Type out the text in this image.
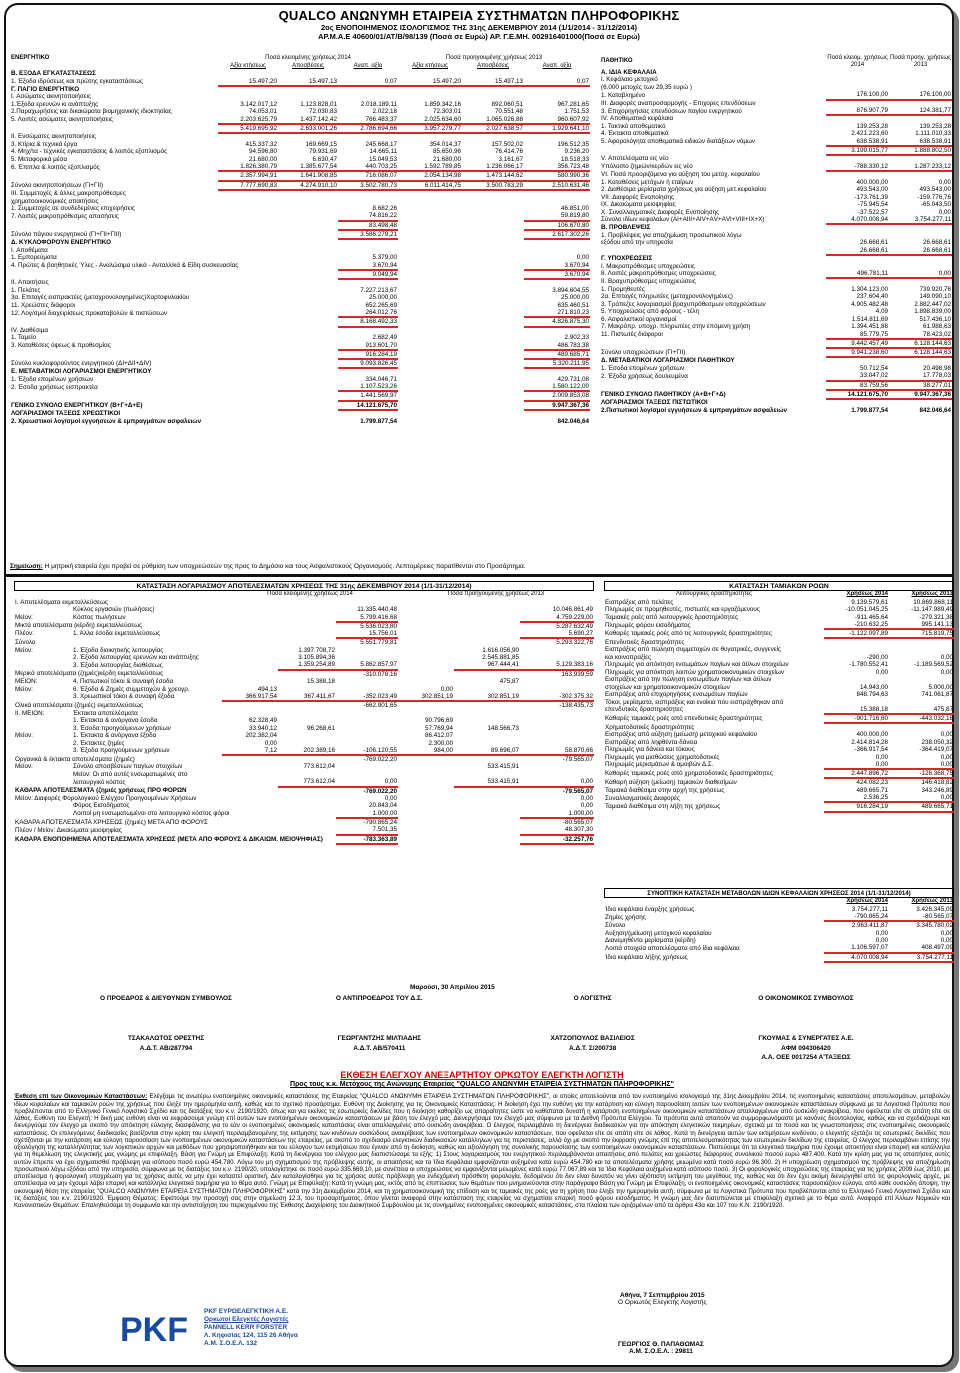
QUALCO ΑΝΩΝΥΜΗ ΕΤΑΙΡΕΙΑ ΣΥΣΤΗΜΑΤΩΝ ΠΛΗΡΟΦΟΡΙΚΗΣ
2ος ΕΝΟΠΟΙΗΜΕΝΟΣ ΙΣΟΛΟΓΙΣΜΟΣ ΤΗΣ 31ης ΔΕΚΕΜΒΡΙΟΥ 2014 (1/1/2014 - 31/12/2014)
ΑΡ.Μ.Α.Ε 40600/01/ΑΤ/Β/98/139 (Ποσά σε Ευρώ) ΑΡ. Γ.Ε.ΜΗ. 002916401000(Ποσά σε Ευρώ)
ΕΝΕΡΓΗΤΙΚΟ	Ποσά κλειομένης χρήσεως 2014			Ποσά προηγουμένης χρήσεως 2013		
	Αξία κτήσεως	Αποσβέσεις	Αναπ. αξία	Αξία κτήσεως	Αποσβέσεις	Αναπ. αξία
Β. ΕΞΟΔΑ ΕΓΚΑΤΑΣΤΑΣΕΩΣ						
1. Έξοδα ιδρύσεως και πρώτης εγκαταστάσεως	15.497,20	15.497,13	0,07	15.497,20	15.497,13	0,07
Γ. ΠΑΓΙΟ ΕΝΕΡΓΗΤΙΚΟ						
I. Ασώματες ακινητοποιήσεις						
1.Έξοδα ερευνών κι ανάπτυξης	3.142.017,12	1.123.828,01	2.018.189,11	1.859.342,16	892.060,51	967.281,65
2.Παραχωρήσεις και δικαιώματα βιομηχανικής ιδιοκτησίας	74.053,01	72.030,83	2.022,18	72.303,01	70.551,48	1.751,53
5. Λοιπές ασώματες ακινητοποιήσεις	2.203.625,79	1.437.142,42	766.483,37	2.025.634,60	1.065.026,88	960.607,92
	5.419.695,92	2.633.001,26	2.786.694,66	3.957.279,77	2.027.638,57	1.929.641,10
II. Ενσώματες ακινητοποιήσεις						
3. Κτίρια & τεχνικά έργα	415.337,32	169.669,15	245.668,17	354.014,37	157.502,02	196.512,35
4. Μηχ/τα - τεχνικές εγκαταστάσεις & λοιπός εξοπλισμός	94.596,80	79.931,69	14.665,11	85.650,96	76.414,76	9.236,20
5. Μεταφορικά μέσα	21.680,00	6.630,47	15.049,53	21.680,00	3.161,67	18.518,33
6. Έπιπλα & λοιπός εξοπλισμός	1.826.380,79	1.385.677,54	440.703,25	1.592.789,85	1.236.066,17	356.723,48
	2.357.994,91	1.641.908,85	716.086,07	2.054.134,98	1.473.144,62	580.990,36
Σύνολο ακινητοποιήσεων (ΓΙ+ΓΙΙ)	7.777.690,83	4.274.910,10	3.502.780,73	6.011.414,75	3.500.783,29	2.510.631,46
III. Συμμετοχές & άλλες μακροπρόθεσμες						
χρηματοοικονομικές απαιτήσεις						
1. Συμμετοχές σε συνδεδεμένες επιχειρήσεις			8.682,26			46.851,00
7. Λοιπές μακροπρόθεσμες απαιτήσεις			74.816,22			59.819,80
			83.498,48			106.670,80
Σύνολο πάγιου ενεργητικού (ΓΙ+ΓΙΙ+ΓΙΙΙ)			3.586.279,21			2.617.302,26
Δ. ΚΥΚΛΟΦΟΡΟΥΝ ΕΝΕΡΓΗΤΙΚΟ						
I. Αποθέματα						
1. Εμπορεύματα			5.379,00			0,00
4. Πρώτες & βοηθητικές Ύλες - Αναλώσιμα υλικά - Ανταλλ/κά & Είδη συσκευασίας			3.670,94			3.670,94
			9.049,94			3.670,94
II. Απαιτήσεις						
1. Πελάτες			7.227.213,67			3.894.604,55
3α. Επιταγές εισπρακτέες (μεταχρονολογημένες)Χαρτοφυλακίου			25.000,00			25.000,00
11. Χρεώστες διάφοροι			652.265,69			635.460,51
12. Λογ/σμοί διαχειρίσεως προκαταβολών & πιστώσεων			264.012,76			271.810,23
			8.168.492,33			4.826.875,30
IV. Διαθέσιμα						
1. Ταμείο			2.682,49			2.902,33
3. Καταθέσεις όψεως & προθεσμίας			913.601,70			486.783,38
			916.284,19			489.685,71
Σύνολο κυκλοφορούντος ενεργητικού (ΔΙ+ΔΙΙ+ΔΙV)			9.093.826,45			5.320.211,95
Ε. ΜΕΤΑΒΑΤΙΚΟΙ ΛΟΓΑΡΙΑΣΜΟΙ ΕΝΕΡΓΗΤΙΚΟΥ						
1. Έξοδα επομένων χρήσεων			334.046,71			429.731,08
2. Έσοδα χρήσεως εισπρακτέα			1.107.523,26			1.580.122,00
			1.441.569,97			2.009.853,08
ΓΕΝΙΚΟ ΣΥΝΟΛΟ ΕΝΕΡΓΗΤΙΚΟΥ (Β+Γ+Δ+Ε)			14.121.675,70			9.947.367,36
ΛΟΓΑΡΙΑΣΜΟΙ ΤΑΞΕΩΣ ΧΡΕΩΣΤΙΚΟΙ						
2. Χρεωστικοί λογ/σμοί εγγυήσεων & εμπραγμάτων ασφαλειών			1.799.877,54			842.046,64
ΠΑΘΗΤΙΚΟ	Ποσά κλειομ. χρήσεως 2014	Ποσά προηγ. χρήσεως 2013
Α. ΙΔΙΑ ΚΕΦΑΛΑΙΑ		
I. Κεφάλαιο μετοχικό		
(6.000 μετοχές των 29,35 ευρώ )		
1. Καταβλημένο	176.100,00	176.100,00
III. Διαφορές αναπροσαρμογής - Επιχορες επενδύσεων		
3. Επιχορηγήσεις επενδύσεων παγίου ενεργητικού	876.907,79	124.381,77
IV. Αποθεματικά κεφάλαια		
1. Τακτικό αποθεματικό	139.253,28	139.253,28
4. Έκτακτα αποθεματικά	2.421.223,60	1.111.010,33
5. Αφορολόγητα αποθεματικά ειδικών διατάξεων νόμων	638.538,91	638.538,91
	3.199.015,77	1.888.802,50
V. Αποτελέσματα εις νέο		
Υπόλοιπο ζημιών/κερδών εις νέο	-788.330,12	1.287.233,12
VI. Ποσά προοριζόμενα για αύξηση του μετοχ. κεφαλαίου		
1. Καταθέσεις μετόχων ή εταίρων	400.000,00	0,00
2. Διαθέσιμα μερίσματα χρήσεως για αύξηση μετ.κεφαλαίου	493.543,00	493.543,00
VII. Διαφορές Ενοποίησης	-173.761,39	-159.776,76
IX. Δικαιώματα μειοψηφίας	-75.945,54	-65.043,50
Χ. Συναλλαγματικές Διαφορές Ενοποίησης	-37.522,57	0,00
Σύνολο ιδίων κεφαλαίων (ΑΙ+ΑΙΙΙ+ΑΙV+ΑV+ΑVΙ+VΙΙΙ+ΙΧ+Χ)	4.070.008,94	3.754.277,11
Β. ΠΡΟΒΛΕΨΕΙΣ		
1. Προβλέψεις για αποζημίωση προσωπικού λόγω		
εξόδου από την υπηρεσία	26.668,61	26.668,61
	26.668,61	26.668,61
Γ. ΥΠΟΧΡΕΩΣΕΙΣ		
I. Μακροπρόθεσμες υποχρεώσεις		
8. Λοιπές μακροπρόθεσμες υποχρεώσεις	496.781,11	0,00
II. Βραχυπρόθεσμες υποχρεώσεις		
1. Προμηθευτές	1.304.123,00	739.920,76
2α. Επιταγές πληρωτέες (μεταχρονολογημένες)	237.604,40	149.090,10
3. Τράπεζες λογαριασμοί βραχυπρόθεσμων υποχρεώσεων	4.905.482,48	2.882.447,02
5. Υποχρεώσεις από φόρους - τέλη	4,09	1.898.839,00
6. Ασφαλιστικοί οργανισμοί	1.514.811,69	517.436,10
7. Μακρόπρ. υποχρ. πληρωτέες στην επόμενη χρήση	1.394.451,88	61.988,63
11. Πιστωτές διάφοροι	85.779,75	78.423,02
	9.442.457,49	6.128.144,63
Σύνολο υποχρεώσεων (ΓΙ+ΓΙΙ)	9.941.238,60	6.128.144,63
Δ. ΜΕΤΑΒΑΤΙΚΟΙ ΛΟΓΑΡΙΑΣΜΟΙ ΠΑΘΗΤΙΚΟΥ		
1. Έσοδα επομένων χρήσεων	50.712,54	20.498,98
2. Έξοδα χρήσεως δουλευμένα	33.047,02	17.778,03
	83.759,56	38.277,01
ΓΕΝΙΚΟ ΣΥΝΟΛΟ ΠΑΘΗΤΙΚΟΥ (Α+Β+Γ+Δ)	14.121.675,70	9.947.367,36
ΛΟΓΑΡΙΑΣΜΟΙ ΤΑΞΕΩΣ ΠΙΣΤΩΤΙΚΟΙ		
2.Πιστωτικοί λογ/σμοί εγγυήσεων & εμπραγμάτων ασφαλειών	1.799.877,54	842.046,64
Σημείωση: Η μητρική εταιρεία έχει προβεί σε ρύθμιση των υποχρεώσεών της προς το Δημόσιο και τους Ασφαλιστικούς Οργανισμούς. Λεπτομέρειες παρατίθενται στο Προσάρτημα.
ΚΑΤΑΣΤΑΣΗ ΛΟΓΑΡΙΑΣΜΟΥ ΑΠΟΤΕΛΕΣΜΑΤΩΝ ΧΡΗΣΕΩΣ ΤΗΣ 31ης ΔΕΚΕΜΒΡΙΟΥ 2014 (1/1-31/12/2014)
		Ποσά κλειομένης χρήσεως 2014			Ποσά προηγουμένης χρήσεως 2013		
I. Αποτελέσματα εκμεταλλεύσεως							
	Κύκλος εργασιών (πωλήσεις)			11.335.440,48			10.046.861,49
Μείον:	Κόστος πωλήσεων			5.799.416,68			4.759.229,00
Μικτά αποτελέσματα (κέρδη) εκμεταλλεύσεως				5.536.023,80			5.287.632,49
Πλέον:	1. Άλλα έσοδα εκμεταλλεύσεως			15.756,01			5.690,27
Σύνολο				5.551.779,81			5.293.322,76
Μείον:	1. Έξοδα διοικητικής λειτουργίας		1.397.708,72			1.616.056,90	
	2. Έξοδα λειτουργίας ερευνών και ανάπτυξης		3.105.894,36			2.545.881,85	
	3. Έξοδα λειτουργίας διαθέσεως		1.359.254,89	5.862.857,97		967.444,41	5.129.383,16
Μερικά αποτελέσματα (ζημιές)κέρδη εκμεταλλεύσεως				-310.078,16			163.939,59
ΜΕΙΟΝ:	4. Πιστωτικοί τόκοι & συναφή έσοδα		15.388,18			475,87	
Μείον:	6. Έξοδα & Ζημιές συμμετοχών & χρεογρ.	494,13			0,00		
	3. Χρεωστικοί τόκοι & συναφή έξοδα	366.917,54	367.411,67	-352.023,49	302.851,19	302.851,19	-302.375,32
Ολικά αποτελέσματα (ζημιές) εκμεταλλεύσεως				-662.901,65			-138.435,73
II. ΜΕΙΟΝ:	Έκτακτα αποτελέσματα						
	1. Έκτακτα & ανόργανα έσοδα	62.328,49			90.796,69		
	3. Έσοδα προηγούμενων χρήσεων	33.940,12	96.268,61		57.769,94	148.566,73	
Μείον:	1. Έκτακτα & ανόργανα έξοδα	202.382,04			86.412,07		
	2. Έκτακτες ζημίες	0,00			2.300,00		
	3. Έξοδα προηγούμενων χρήσεων	7,12	202.389,16	-106.120,55	984,00	89.696,07	58.870,66
Οργανικά & έκτακτα αποτελέσματα (ζημιές)				-769.022,20			-79.565,07
Μείον:	Σύνολο αποσβέσεων παγίων στοιχείων		773.612,04			533.415,91	
	Μείον: Οι από αυτές ενσωματωμένες στο						
	λειτουργικό κόστος		773.612,04	0,00		533.415,91	0,00
ΚΑΘΑΡΑ ΑΠΟΤΕΛΕΣΜΑΤΑ (ζημιές χρήσεως ΠΡΟ ΦΟΡΩΝ				-769.022,20			-79.565,07
Μείον: Διαφορές Φορολογικού Ελέγχου Προηγουμένων Χρήσεων				0,00			0,00
	Φόρος Εισοδήματος			20.843,04			0,00
	Λοιποί μη ενσωματωμένοι στο λειτουργικό κόστος φόροι			1.000,00			1.000,00
ΚΑΘΑΡΑ ΑΠΟΤΕΛΕΣΜΑΤΑ ΧΡΗΣΕΩΣ (ζημιές) ΜΕΤΑ ΑΠΟ ΦΟΡΟΥΣ				-790.865,24			-80.565,07
Πλέον / Μείον: Δικαιώματα μειοψηφίας				7.501,35			48.307,30
ΚΑΘΑΡΑ ΕΝΟΠΟΙΗΜΕΝΑ ΑΠΟΤΕΛΕΣΜΑΤΑ ΧΡΗΣΕΩΣ (ΜΕΤΑ ΑΠΟ ΦΟΡΟΥΣ & ΔΙΚΑΙΩΜ. ΜΕΙΟΨΗΦΙΑΣ)				-783.363,89			-32.257,76
ΚΑΤΑΣΤΑΣΗ ΤΑΜΙΑΚΩΝ ΡΟΩΝ
Λειτουργικές δραστηριότητες	Χρήσεως 2014	Χρήσεως 2013
Εισπράξεις από πελάτες	9.139.579,61	10.869.868,11
Πληρωμές σε προμηθευτές, πιστωτές και εργαζόμενους	-10.051.045,25	-11.147.989,49
Ταμιακές ροές από λειτουργικές δραστηριότητες	-911.465,64	-279.321,38
Πληρωμές φόρου εισοδήματος	-210.632,25	995.141,13
Καθαρές ταμιακές ροές από τις λειτουργικές δραστηριότητες	-1.122.097,89	715.819,75
Επενδυτικές δραστηριότητες		
Εισπράξεις από πώληση συμμετοχών σε θυγατρικές, συγγενείς		
και κοινοπραξίες	-290,00	0,00
Πληρωμές για απόκτηση ενσωμάτων παγίων και άϋλων στοιχείων	-1.780.552,41	-1.189.569,52
Πληρωμές για απόκτηση λοιπών χρηματοοικονομικών στοιχείων	0,00	0,00
Εισπράξεις από την πώληση ενσωμάτων παγίων και άϋλων		
στοιχείων και χρηματοοικονομικών στοιχείων	14.943,00	5.000,00
Εισπράξεις από επιχορηγήσεις ενσωμάτων παγίων	848.794,63	741.061,87
Τόκοι, μερίσματα, εισπράξεις και ενοίκια που εισπράχθηκαν από		
επενδυτικές δραστηριότητες	15.388,18	475,87
Καθαρές ταμιακές ροές από επενδυτικές δραστηριότητες	-901.716,60	-443.032,18
Χρηματοδοτικές δραστηριότητες		
Εισπράξεις από αύξηση (μείωση) μετοχικού κεφαλαίου	400.000,00	0,00
Εισπράξεις από ληφθέντα δάνεια	2.414.814,28	238.050,32
Πληρωμές για δάνεια και τόκους	-366.917,54	-364.419,07
Πληρωμές για μισθώσεις χρηματοδοτικές	0,00	0,00
Πληρωμές μερισμάτων & αμοιβών Δ.Σ.	0,00	0,00
Καθαρές ταμιακές ροές από χρηματοδοτικές δραστηριότητες	2.447.896,72	-126.368,75
Καθαρή αύξηση (μείωση) ταμιακών διαθεσίμων	424.082,23	146.418,82
Ταμιακά διαθέσιμα στην αρχή της χρήσεως	489.665,71	343.246,89
Συναλλαγματικές Διαφορές	2.536,25	0,00
Ταμιακά διαθέσιμα στη λήξη της χρήσεως	916.284,19	489.665,71
ΣΥΝΟΠΤΙΚΗ ΚΑΤΑΣΤΑΣΗ ΜΕΤΑΒΟΛΩΝ ΙΔΙΩΝ ΚΕΦΑΛΑΙΩΝ ΧΡΗΣΕΩΣ 2014 (1/1-31/12/2014)
	Χρήσεως 2014	Χρήσεως 2013
Ίδια κεφάλαια έναρξης χρήσεως	3.754.277,11	3.426.345,09
Ζημίες χρήσης	-790.865,24	-80.565,07
Σύνολο	2.963.411,87	3.345.780,02
Αυξηση/(μείωση) μετοχικού κεφαλαίου	0,00	0,00
Διανεμηθέντα μερίσματα (κέρδη)	0,00	0,00
Λοιπά στοιχεία αποτελέσματα από ίδια κεφάλαια	1.106.597,07	408.497,09
Ίδια κεφάλαια λήξης χρήσεως	4.070.008,94	3.754.277,11
Μαρούσι, 30 Απριλίου 2015
Ο ΠΡΟΕΔΡΟΣ & ΔΙΕΥΘΥΝΩΝ ΣΥΜΒΟΥΛΟΣ	Ο ΑΝΤΙΠΡΟΕΔΡΟΣ ΤΟΥ Δ.Σ.	Ο ΛΟΓΙΣΤΗΣ	Ο ΟΙΚΟΝΟΜΙΚΟΣ ΣΥΜΒΟΥΛΟΣ
ΤΣΑΚΑΛΩΤΟΣ ΟΡΕΣΤΗΣ	ΓΕΩΡΓΑΝΤΖΗΣ ΜΙΛΤΙΑΔΗΣ	ΧΑΤΖΟΠΟΥΛΟΣ ΒΑΣΙΛΕΙΟΣ	ΓΚΟΥΜΑΣ & ΣΥΝΕΡΓΑΤΕΣ Α.Ε.
Α.Δ.Τ. ΑΒ/287794	Α.Δ.Τ. ΑΒ/570411	Α.Δ.Τ. Σ/200738	ΑΦΜ 094306420
Α.Α. ΟΕΕ 0017254 Α'ΤΑΞΕΩΣ
ΕΚΘΕΣΗ ΕΛΕΓΧΟΥ ΑΝΕΞΑΡΤΗΤΟΥ ΟΡΚΩΤΟΥ ΕΛΕΓΚΤΗ ΛΟΓΙΣΤΗ
Προς τους κ.κ. Μετόχους της Ανώνυμης Εταιρείας "QUALCO ΑΝΩΝΥΜΗ ΕΤΑΙΡΕΙΑ ΣΥΣΤΗΜΑΤΩΝ ΠΛΗΡΟΦΟΡΙΚΗΣ"
Έκθεση επί των Οικονομικών Καταστάσεων: Ελέγξαμε τις ανωτέρω ενοποιημένες οικονομικές καταστάσεις της Εταιρείας "QUALCO ΑΝΩΝΥΜΗ ΕΤΑΙΡΕΙΑ ΣΥΣΤΗΜΑΤΩΝ ΠΛΗΡΟΦΟΡΙΚΗΣ", οι οποίες αποτελούνται από τον ενοποιημένο ισολογισμό της 31ης Δεκεμβρίου 2014, τις ενοποιημένες καταστάσεις αποτελεσμάτων, μεταβολών ιδίων κεφαλαίων και ταμιακών ροών της χρήσεως που έληξε την ημερομηνία αυτή, καθώς και το σχετικό προσάρτημα. Ευθύνη της Διοίκησης για τις Οικονομικές Καταστάσεις: Η διοίκηση έχει την ευθύνη για την κατάρτιση και εύλογη παρουσίαση αυτών των ενοποιημένων οικονομικών καταστάσεων σύμφωνα με τα Λογιστικά Πρότυπα που προβλέπονται από το Ελληνικό Γενικό Λογιστικό Σχέδιο και τις διατάξεις του κ.ν. 2190/1920, όπως και για εκείνες τις εσωτερικές δικλίδες που η διοίκηση καθορίζει ως απαραίτητες ώστε να καθίσταται δυνατή η κατάρτιση ενοποιημένων οικονομικών καταστάσεων απαλλαγμένων από ουσιώδη ανακρίβεια, που οφείλεται είτε σε απάτη είτε σε λάθος. Ευθύνη του Ελεγκτή: Η δική μας ευθύνη είναι να εκφράσουμε γνώμη επί αυτών των ενοποιημένων οικονομικών καταστάσεων με βάση τον έλεγχό μας. Διενεργήσαμε τον έλεγχό μας σύμφωνα με τα Διεθνή Πρότυπα Ελέγχου. Τα πρότυπα αυτά απαιτούν να συμμορφωνόμαστε με κανόνες δεοντολογίας, καθώς και να σχεδιάζουμε και διενεργούμε τον έλεγχο με σκοπό την απόκτηση εύλογης διασφάλισης για το εάν οι ενοποιημένες οικονομικές καταστάσεις είναι απαλλαγμένες από ουσιώδη ανακρίβεια. Ο έλεγχος περιλαμβάνει τη διενέργεια διαδικασιών για την απόκτηση ελεγκτικών τεκμηρίων, σχετικά με τα ποσά και τις γνωστοποιήσεις στις ενοποιημένες οικονομικές καταστάσεις. Οι επιλεγόμενες διαδικασίες βασίζονται στην κρίση του ελεγκτή περιλαμβανομένης της εκτίμησης των κινδύνων ουσιώδους ανακρίβειας των ενοποιημένων οικονομικών καταστάσεων, που οφείλεται είτε σε απάτη είτε σε λάθος. Κατά τη διενέργεια αυτών των εκτιμήσεων κινδύνου, ο ελεγκτής εξετάζει τις εσωτερικές δικλίδες που σχετίζονται με την κατάρτιση και εύλογη παρουσίαση των ενοποιημένων οικονομικών καταστάσεων της εταιρείας, με σκοπό το σχεδιασμό ελεγκτικών διαδικασιών κατάλληλων για τις περιστάσεις, αλλά όχι με σκοπό την έκφραση γνώμης επί της αποτελεσματικότητας των εσωτερικών δικλίδων της εταιρείας. Ο έλεγχος περιλαμβάνει επίσης την αξιολόγηση της καταλληλότητας των λογιστικών αρχών και μεθόδων που χρησιμοποιήθηκαν και του εύλογου των εκτιμήσεων που έγιναν από τη διοίκηση, καθώς και αξιολόγηση της συνολικής παρουσίασης των ενοποιημένων οικονομικών καταστάσεων. Πιστεύουμε ότι τα ελεγκτικά τεκμήρια που έχουμε αποκτήσει είναι επαρκή και κατάλληλα για τη θεμελίωση της ελεγκτικής μας γνώμης με επιφύλαξη. Βάση για Γνώμη με Επιφύλαξη: Κατά τη διενέργεια του ελέγχου μας διαπιστώσαμε τα εξής: 1) Στους λογαριασμούς του ενεργητικού περιλαμβάνονται απαιτήσεις από πελάτες και χρεώστες διάφορους συνολικού ποσού ευρώ 487.400. Κατά την κρίση μας για τις απαιτήσεις αυτές αυτών έπρεπε να έχει σχηματισθεί πρόβλεψη για ισόποσο ποσό ευρώ 454.780. Λόγω του μη σχηματισμού της πρόβλεψης αυτής, οι απαιτήσεις και τα Ίδια Κεφάλαια εμφανίζονται αυξημένα κατά ευρώ 454.780 και τα αποτελέσματα χρήσης μειωμένα κατά ποσό ευρώ 96.300. 2) Η υποχρέωση σχηματισμού της πρόβλεψης για αποζημίωση προσωπικού λόγω εξόδου από την υπηρεσία, σύμφωνα με τις διατάξεις του κ.ν. 2190/20, υπολογίστηκε σε ποσό ευρώ 335.669,10, με συνέπεια οι υποχρεώσεις να εμφανίζονται μειωμένες κατά ευρώ 77.067,89 και τα Ίδια Κεφάλαια αυξημένα κατά ισόποσο ποσό. 3) Οι φορολογικές υποχρεώσεις της εταιρείας για τις χρήσεις 2009 έως 2010, με αποτέλεσμα η φορολογική υποχρέωση για τις χρήσεις αυτές να μην έχει καταστεί οριστική. Δεν καταλογίσθηκε για τις χρήσεις αυτές πρόβλεψη για ενδεχόμενη πρόσθετη φορολογία, δεδομένου ότι δεν είναι δυνατόν να γίνει αξιόπιστη εκτίμηση του μεγέθους της, καθώς και ότι δεν έχει ακόμη διενεργηθεί από τις φορολογικές αρχές, με αποτέλεσμα να μην έχουμε λάβει επαρκή και κατάλληλα ελεγκτικά τεκμήρια για το θέμα αυτό. Γνώμη με Επιφύλαξη: Κατά τη γνώμη μας, εκτός από τις επιπτώσεις των θεμάτων που μνημονεύονται στην παράγραφο Βάση για Γνώμη με Επιφύλαξη, οι ενοποιημένες οικονομικές καταστάσεις παρουσιάζουν εύλογα, από κάθε ουσιώδη άποψη, την οικονομική θέση της εταιρείας "QUALCO ΑΝΩΝΥΜΗ ΕΤΑΙΡΕΙΑ ΣΥΣΤΗΜΑΤΩΝ ΠΛΗΡΟΦΟΡΙΚΗΣ" κατά την 31η Δεκεμβρίου 2014, και τη χρηματοοικονομική της επίδοση και τις ταμιακές της ροές για τη χρήση που έληξε την ημερομηνία αυτή, σύμφωνα με τα Λογιστικά Πρότυπα που προβλέπονται από το Ελληνικό Γενικό Λογιστικό Σχέδιο και τις διατάξεις του κ.ν. 2190/1920. Έμφαση Θέματος: Εφιστούμε την προσοχή σας στην σημείωση 12.3, του προσαρτήματος, όπου γίνεται αναφορά στην κατάσταση της εταιρείας να σχηματίσει επαρκή ποσό φόρου εισοδήματος. Η γνώμη μας δεν διατυπώνεται με επιφύλαξη σχετικά με το θέμα αυτό. Αναφορά επί Άλλων Νομικών και Κανονιστικών Θεμάτων: Επαληθεύσαμε τη συμφωνία και την αντιστοίχηση του περιεχομένου της Έκθεσης Διαχείρισης του Διοικητικού Συμβουλίου με τις συνημμένες ενοποιημένες οικονομικές καταστάσεις, στα πλαίσια των οριζομένων από τα άρθρα 43α και 107 του Κ.Ν. 2190/1920.
Αθήνα, 7 Σεπτεμβρίου 2015
Ο Ορκωτός Ελεγκτής Λογιστής
PKF PKF ΕΥΡΩΕΛΕΓΚΤΙΚΗ Α.Ε.
Ορκωτοί Ελεγκτές Λογιστές
PANNELL KERR FORSTER
Λ. Κηφισίας 124, 115 26 Αθήνα
Α.Μ. Σ.Ο.Ε.Λ. 132	ΓΕΩΡΓΙΟΣ Θ. ΠΑΠΑΘΩΜΑΣ
Α.Μ. Σ.Ο.Ε.Λ. : 29811
